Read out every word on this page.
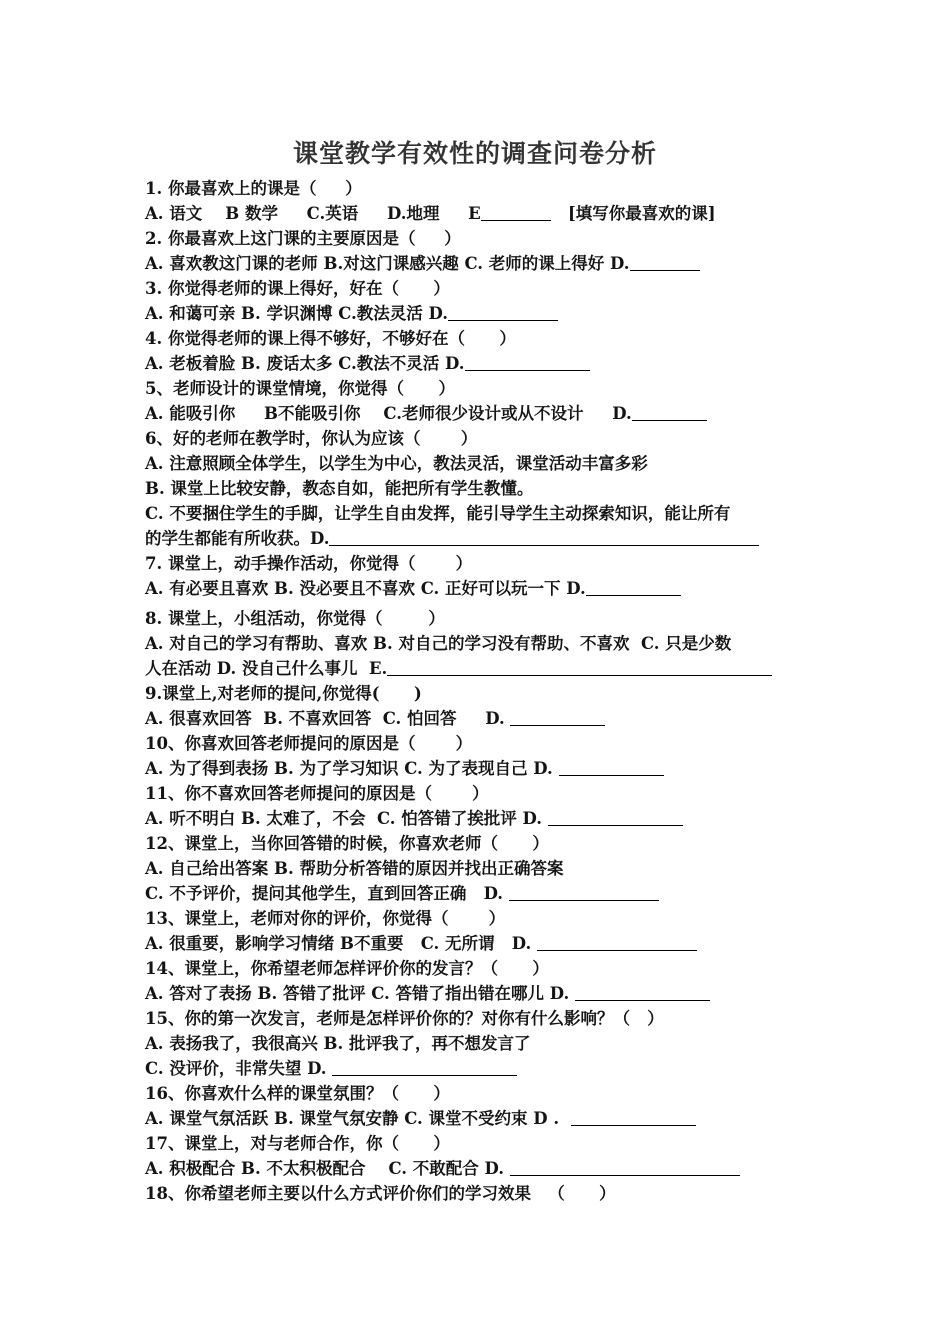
课堂教学有效性的调查问卷分析
1. 你最喜欢上的课是（     ）
A. 语文    B 数学     C.英语     D.地理     E	[填写你最喜欢的课]
2. 你最喜欢上这门课的主要原因是（     ）
A. 喜欢教这门课的老师 B.对这门课感兴趣 C. 老师的课上得好 D.
3. 你觉得老师的课上得好，好在（      ）
A. 和蔼可亲 B. 学识渊博 C.教法灵活 D.
4. 你觉得老师的课上得不够好，不够好在（      ）
A. 老板着脸 B. 废话太多 C.教法不灵活 D.
5、老师设计的课堂情境，你觉得（      ）
A. 能吸引你     B不能吸引你    C.老师很少设计或从不设计     D.
6、好的老师在教学时，你认为应该（       ）
A. 注意照顾全体学生，以学生为中心，教法灵活，课堂活动丰富多彩
B. 课堂上比较安静，教态自如，能把所有学生教懂。
C. 不要捆住学生的手脚，让学生自由发挥，能引导学生主动探索知识，能让所有
的学生都能有所收获。D.
7. 课堂上，动手操作活动，你觉得（       ）
A. 有必要且喜欢 B. 没必要且不喜欢 C. 正好可以玩一下 D.
8. 课堂上，小组活动，你觉得（        ）
A. 对自己的学习有帮助、喜欢 B. 对自己的学习没有帮助、不喜欢  C. 只是少数
人在活动 D. 没自己什么事儿  E.
9.课堂上,对老师的提问,你觉得(      )
A. 很喜欢回答  B. 不喜欢回答  C. 怕回答     D.
10、你喜欢回答老师提问的原因是（       ）
A. 为了得到表扬 B. 为了学习知识 C. 为了表现自己 D.
11、你不喜欢回答老师提问的原因是（       ）
A. 听不明白 B. 太难了，不会  C. 怕答错了挨批评 D.
12、课堂上，当你回答错的时候，你喜欢老师（      ）
A. 自己给出答案 B. 帮助分析答错的原因并找出正确答案
C. 不予评价，提问其他学生，直到回答正确   D.
13、课堂上，老师对你的评价，你觉得（       ）
A. 很重要，影响学习情绪 B不重要   C. 无所谓   D.
14、课堂上，你希望老师怎样评价你的发言？（      ）
A. 答对了表扬 B. 答错了批评 C. 答错了指出错在哪儿 D.
15、你的第一次发言，老师是怎样评价你的？对你有什么影响？（   ）
A. 表扬我了，我很高兴 B. 批评我了，再不想发言了
C. 没评价，非常失望 D.
16、你喜欢什么样的课堂氛围？（      ）
A. 课堂气氛活跃 B. 课堂气氛安静 C. 课堂不受约束 D .
17、课堂上，对与老师合作，你（      ）
A. 积极配合 B. 不太积极配合    C. 不敢配合 D.
18、你希望老师主要以什么方式评价你们的学习效果   （      ）
